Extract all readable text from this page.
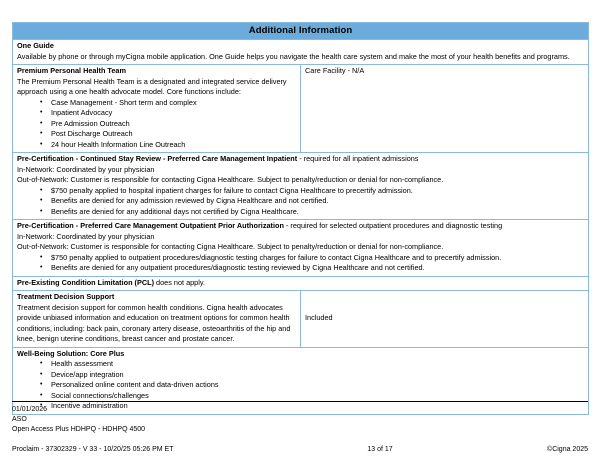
Additional Information	

One Guide
Available by phone or through myCigna mobile application. One Guide helps you navigate the health care system and make the most of your health benefits and programs.	

Premium Personal Health Team
The Premium Personal Health Team is a designated and integrated service delivery approach using a one health advocate model. Core functions include:
• Case Management - Short term and complex
• Inpatient Advocacy
• Pre Admission Outreach
• Post Discharge Outreach
• 24 hour Health Information Line Outreach
	Care Facility - N/A

Pre-Certification - Continued Stay Review - Preferred Care Management Inpatient - required for all inpatient admissions
In-Network: Coordinated by your physician
Out-of-Network: Customer is responsible for contacting Cigna Healthcare. Subject to penalty/reduction or denial for non-compliance.
• $750 penalty applied to hospital inpatient charges for failure to contact Cigna Healthcare to precertify admission.
• Benefits are denied for any admission reviewed by Cigna Healthcare and not certified.
• Benefits are denied for any additional days not certified by Cigna Healthcare.

Pre-Certification - Preferred Care Management Outpatient Prior Authorization - required for selected outpatient procedures and diagnostic testing
In-Network: Coordinated by your physician
Out-of-Network: Customer is responsible for contacting Cigna Healthcare. Subject to penalty/reduction or denial for non-compliance.
• $750 penalty applied to outpatient procedures/diagnostic testing charges for failure to contact Cigna Healthcare and to precertify admission.
• Benefits are denied for any outpatient procedures/diagnostic testing reviewed by Cigna Healthcare and not certified.

Pre-Existing Condition Limitation (PCL) does not apply.	

Treatment Decision Support
Treatment decision support for common health conditions. Cigna health advocates provide unbiased information and education on treatment options for common health conditions, including: back pain, coronary artery disease, osteoarthritis of the hip and knee, benign uterine conditions, breast cancer and prostate cancer.	Included

Well-Being Solution: Core Plus
• Health assessment
• Device/app integration
• Personalized online content and data-driven actions
• Social connections/challenges
• Incentive administration
01/01/2026
ASO
Open Access Plus HDHPQ - HDHPQ 4500
Proclaim - 37302329 - V 33 - 10/20/25 05:26 PM ET	13 of 17	©Cigna 2025
